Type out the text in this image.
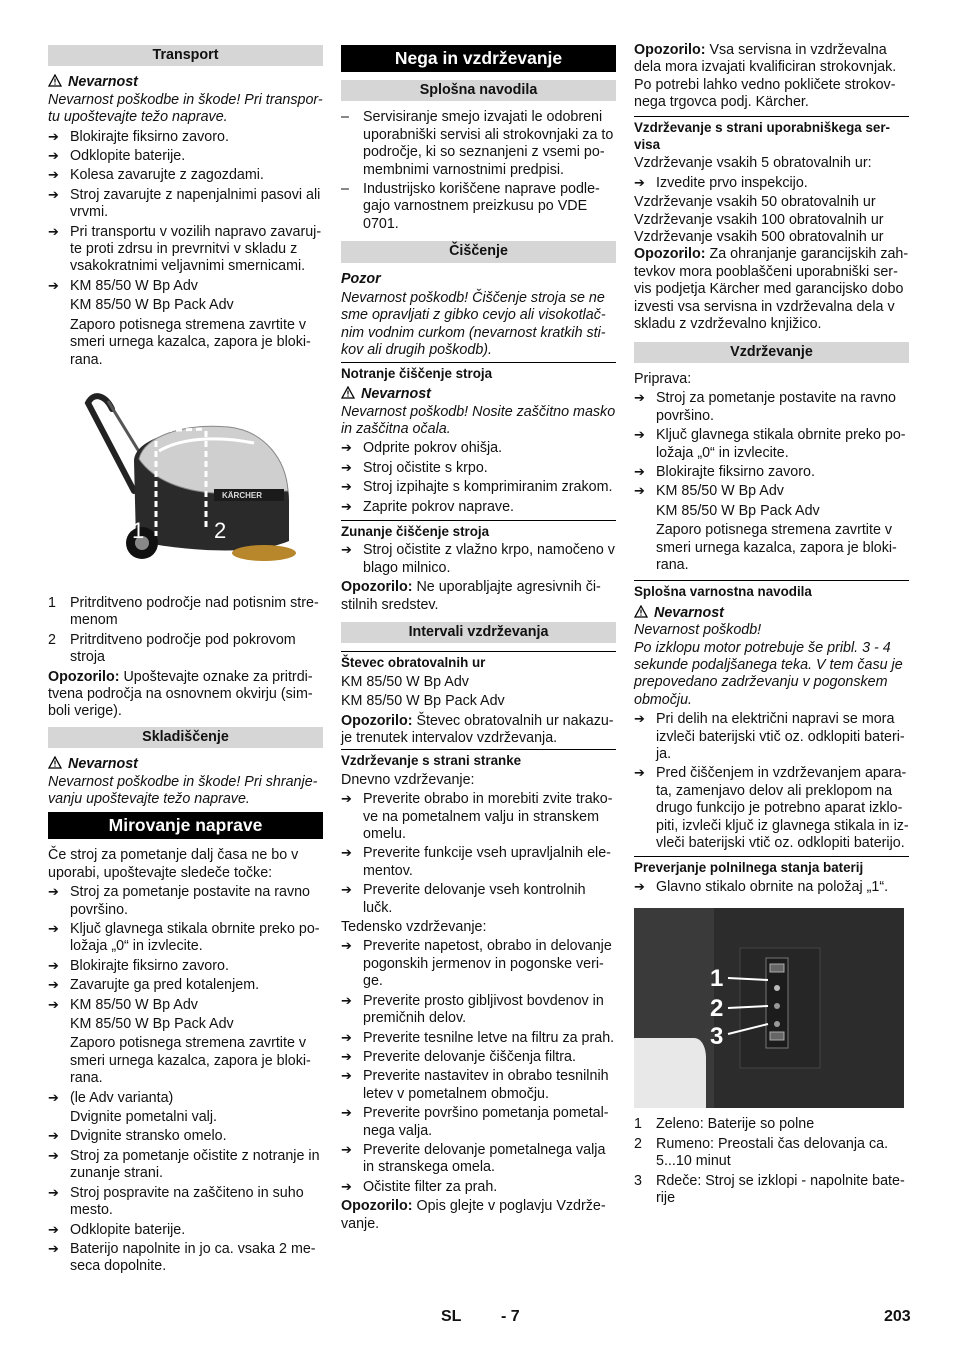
Transport
Nevarnost

Nevarnost poškodbe in škode! Pri transpor-tu upoštevajte težo naprave.

➔ Blokirajte fiksirno zavoro.
➔ Odklopite baterije.
➔ Kolesa zavarujte z zagozdami.
➔ Stroj zavarujte z napenjalnimi pasovi ali vrvmi.
➔ Pri transportu v vozilih napravo zavaruj-te proti zdrsu in prevrnitvi v skladu z vsakokratnimi veljavnimi smernicami.
➔ KM 85/50 W Bp Adv

KM 85/50 W Bp Pack Adv

Zaporo potisnega stremena zavrtite v smeri urnega kazalca, zapora je bloki-rana.

KÄRCHER
1	2
1 Pritrditveno področje nad potisnim stre-menom
2 Pritrditveno področje pod pokrovom stroja

Opozorilo: Upoštevajte oznake za pritrdi-tvena področja na osnovnem okvirju (sim-boli verige).

Skladiščenje
Nevarnost

Nevarnost poškodbe in škode! Pri shranje-vanju upoštevajte težo naprave.

Mirovanje naprave

Če stroj za pometanje dalj časa ne bo v uporabi, upoštevajte sledeče točke:

➔ Stroj za pometanje postavite na ravno površino.
➔ Ključ glavnega stikala obrnite preko po-ložaja „0“ in izvlecite.
➔ Blokirajte fiksirno zavoro.
➔ Zavarujte ga pred kotalenjem.
➔ KM 85/50 W Bp Adv

KM 85/50 W Bp Pack Adv

Zaporo potisnega stremena zavrtite v smeri urnega kazalca, zapora je bloki-rana.

➔ (le Adv varianta)

Dvignite pometalni valj.

➔ Dvignite stransko omelo.
➔ Stroj za pometanje očistite z notranje in zunanje strani.
➔ Stroj pospravite na zaščiteno in suho mesto.
➔ Odklopite baterije.
➔ Baterijo napolnite in jo ca. vsaka 2 me-seca dopolnite.
Nega in vzdrževanje
Splošna navodila
– Servisiranje smejo izvajati le odobreni uporabniški servisi ali strokovnjaki za to področje, ki so seznanjeni z vsemi po-membnimi varnostnimi predpisi.
– Industrijsko koriščene naprave podle-gajo varnostnem preizkusu po VDE 0701.
Čiščenje

Pozor

Nevarnost poškodb! Čiščenje stroja se ne sme opravljati z gibko cevjo ali visokotlač-nim vodnim curkom (nevarnost kratkih sti-kov ali drugih poškodb).

Notranje čiščenje stroja

Nevarnost

Nevarnost poškodb! Nosite zaščitno masko in zaščitna očala.

➔ Odprite pokrov ohišja.
➔ Stroj očistite s krpo.
➔ Stroj izpihajte s komprimiranim zrakom.
➔ Zaprite pokrov naprave.

Zunanje čiščenje stroja

➔ Stroj očistite z vlažno krpo, namočeno v blago milnico.

Opozorilo: Ne uporabljajte agresivnih či-stilnih sredstev.

Intervali vzdrževanja

Števec obratovalnih ur

KM 85/50 W Bp Adv

KM 85/50 W Bp Pack Adv

Opozorilo: Števec obratovalnih ur nakazu-je trenutek intervalov vzdrževanja.

Vzdrževanje s strani stranke

Dnevno vzdrževanje:

➔ Preverite obrabo in morebiti zvite trako-ve na pometalnem valju in stranskem omelu.
➔ Preverite funkcije vseh upravljalnih ele-mentov.
➔ Preverite delovanje vseh kontrolnih lučk.

Tedensko vzdrževanje:

➔ Preverite napetost, obrabo in delovanje pogonskih jermenov in pogonske veri-ge.
➔ Preverite prosto gibljivost bovdenov in premičnih delov.
➔ Preverite tesnilne letve na filtru za prah.
➔ Preverite delovanje čiščenja filtra.
➔ Preverite nastavitev in obrabo tesnilnih letev v pometalnem območju.
➔ Preverite površino pometanja pometal-nega valja.
➔ Preverite delovanje pometalnega valja in stranskega omela.
➔ Očistite filter za prah.

Opozorilo: Opis glejte v poglavju Vzdrže-vanje.

Opozorilo: Vsa servisna in vzdrževalna dela mora izvajati kvalificiran strokovnjak. Po potrebi lahko vedno pokličete strokov-nega trgovca podj. Kärcher.

Vzdrževanje s strani uporabniškega ser-visa

Vzdrževanje vsakih 5 obratovalnih ur:

➔ Izvedite prvo inspekcijo.

Vzdrževanje vsakih 50 obratovalnih ur

Vzdrževanje vsakih 100 obratovalnih ur

Vzdrževanje vsakih 500 obratovalnih ur

Opozorilo: Za ohranjanje garancijskih zah-tevkov mora pooblaščeni uporabniški ser-vis podjetja Kärcher med garancijsko dobo izvesti vsa servisna in vzdrževalna dela v skladu z vzdrževalno knjižico.

Vzdrževanje

Priprava:

➔ Stroj za pometanje postavite na ravno površino.
➔ Ključ glavnega stikala obrnite preko po-ložaja „0“ in izvlecite.
➔ Blokirajte fiksirno zavoro.
➔ KM 85/50 W Bp Adv

KM 85/50 W Bp Pack Adv

Zaporo potisnega stremena zavrtite v smeri urnega kazalca, zapora je bloki-rana.

Splošna varnostna navodila

Nevarnost

Nevarnost poškodb!

Po izklopu motor potrebuje še pribl. 3 - 4 sekunde podaljšanega teka. V tem času je prepovedano zadrževanju v pogonskem območju.

➔ Pri delih na električni napravi se mora izvleči baterijski vtič oz. odklopiti bateri-ja.
➔ Pred čiščenjem in vzdrževanjem apara-ta, zamenjavo delov ali preklopom na drugo funkcijo je potrebno aparat izklo-piti, izvleči ključ iz glavnega stikala in iz-vleči baterijski vtič oz. odklopiti baterijo.

Preverjanje polnilnega stanja baterij

➔ Glavno stikalo obrnite na položaj „1“.
1
2
3
1 Zeleno: Baterije so polne
2 Rumeno: Preostali čas delovanja ca. 5...10 minut
3 Rdeče: Stroj se izklopi - napolnite bate-rije
SL - 7	203
